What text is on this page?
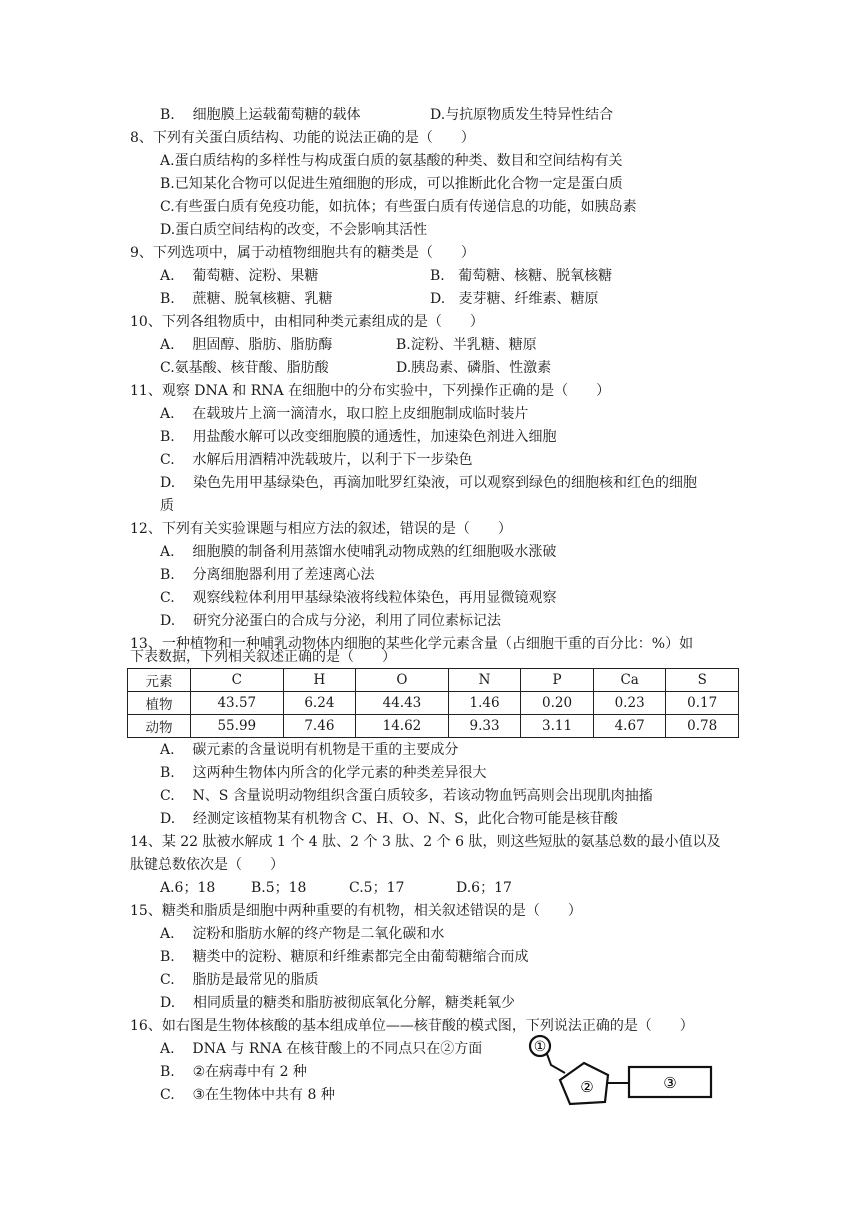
B. 细胞膜上运载葡萄糖的载体	D.与抗原物质发生特异性结合
8、下列有关蛋白质结构、功能的说法正确的是（　　）
A.蛋白质结构的多样性与构成蛋白质的氨基酸的种类、数目和空间结构有关
B.已知某化合物可以促进生殖细胞的形成，可以推断此化合物一定是蛋白质
C.有些蛋白质有免疫功能，如抗体；有些蛋白质有传递信息的功能，如胰岛素
D.蛋白质空间结构的改变，不会影响其活性
9、下列选项中，属于动植物细胞共有的糖类是（　　）
A. 葡萄糖、淀粉、果糖	B. 葡萄糖、核糖、脱氧核糖
B. 蔗糖、脱氧核糖、乳糖	D. 麦芽糖、纤维素、糖原
10、下列各组物质中，由相同种类元素组成的是（　　）
A. 胆固醇、脂肪、脂肪酶	B.淀粉、半乳糖、糖原
C.氨基酸、核苷酸、脂肪酸	D.胰岛素、磷脂、性激素
11、观察 DNA 和 RNA 在细胞中的分布实验中，下列操作正确的是（　　）
A. 在载玻片上滴一滴清水，取口腔上皮细胞制成临时装片
B. 用盐酸水解可以改变细胞膜的通透性，加速染色剂进入细胞
C. 水解后用酒精冲洗载玻片，以利于下一步染色
D. 染色先用甲基绿染色，再滴加吡罗红染液，可以观察到绿色的细胞核和红色的细胞
质
12、下列有关实验课题与相应方法的叙述，错误的是（　　）
A. 细胞膜的制备利用蒸馏水使哺乳动物成熟的红细胞吸水涨破
B. 分离细胞器利用了差速离心法
C. 观察线粒体利用甲基绿染液将线粒体染色，再用显微镜观察
D. 研究分泌蛋白的合成与分泌，利用了同位素标记法
13、一种植物和一种哺乳动物体内细胞的某些化学元素含量（占细胞干重的百分比：%）如
下表数据，下列相关叙述正确的是（　　）
元素	C	H	O	N	P	Ca	S
植物	43.57	6.24	44.43	1.46	0.20	0.23	0.17
动物	55.99	7.46	14.62	9.33	3.11	4.67	0.78
A. 碳元素的含量说明有机物是干重的主要成分
B. 这两种生物体内所含的化学元素的种类差异很大
C. N、S 含量说明动物组织含蛋白质较多，若该动物血钙高则会出现肌肉抽搐
D. 经测定该植物某有机物含 C、H、O、N、S，此化合物可能是核苷酸
14、某 22 肽被水解成 1 个 4 肽、2 个 3 肽、2 个 6 肽，则这些短肽的氨基总数的最小值以及
肽键总数依次是（　　）
A.6；18	B.5；18	C.5；17	D.6；17
15、糖类和脂质是细胞中两种重要的有机物，相关叙述错误的是（　　）
A. 淀粉和脂肪水解的终产物是二氧化碳和水
B. 糖类中的淀粉、糖原和纤维素都完全由葡萄糖缩合而成
C. 脂肪是最常见的脂质
D. 相同质量的糖类和脂肪被彻底氧化分解，糖类耗氧少
16、如右图是生物体核酸的基本组成单位——核苷酸的模式图，下列说法正确的是（　　）
A. DNA 与 RNA 在核苷酸上的不同点只在②方面
B. ②在病毒中有 2 种
C. ③在生物体中共有 8 种
①
②	③
